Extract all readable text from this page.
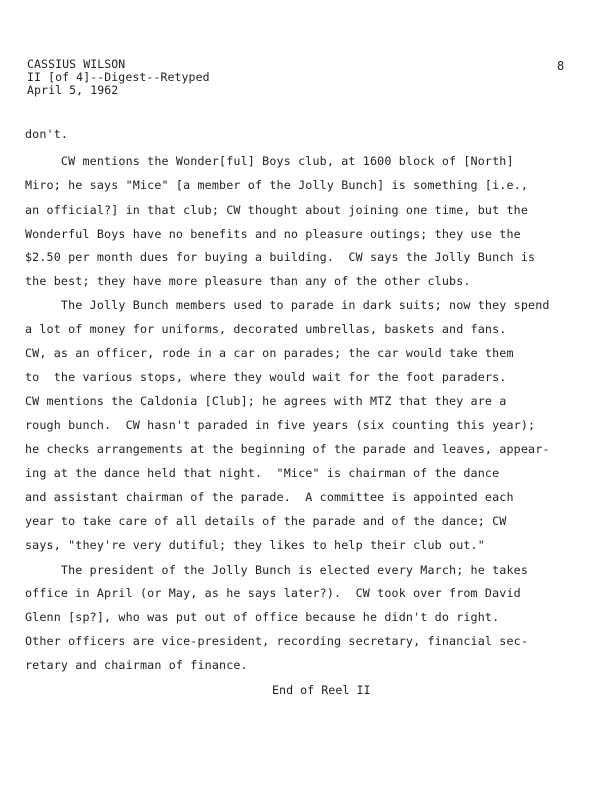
CASSIUS WILSON
II [of 4]--Digest--Retyped
April 5, 1962
8
don't.
CW mentions the Wonder[ful] Boys club, at 1600 block of [North]
Miro; he says "Mice" [a member of the Jolly Bunch] is something [i.e.,
an official?] in that club; CW thought about joining one time, but the
Wonderful Boys have no benefits and no pleasure outings; they use the
$2.50 per month dues for buying a building.  CW says the Jolly Bunch is
the best; they have more pleasure than any of the other clubs.
The Jolly Bunch members used to parade in dark suits; now they spend
a lot of money for uniforms, decorated umbrellas, baskets and fans.
CW, as an officer, rode in a car on parades; the car would take them
to  the various stops, where they would wait for the foot paraders.
CW mentions the Caldonia [Club]; he agrees with MTZ that they are a
rough bunch.  CW hasn't paraded in five years (six counting this year);
he checks arrangements at the beginning of the parade and leaves, appear-
ing at the dance held that night.  "Mice" is chairman of the dance
and assistant chairman of the parade.  A committee is appointed each
year to take care of all details of the parade and of the dance; CW
says, "they're very dutiful; they likes to help their club out."
The president of the Jolly Bunch is elected every March; he takes
office in April (or May, as he says later?).  CW took over from David
Glenn [sp?], who was put out of office because he didn't do right.
Other officers are vice-president, recording secretary, financial sec-
retary and chairman of finance.
End of Reel II
